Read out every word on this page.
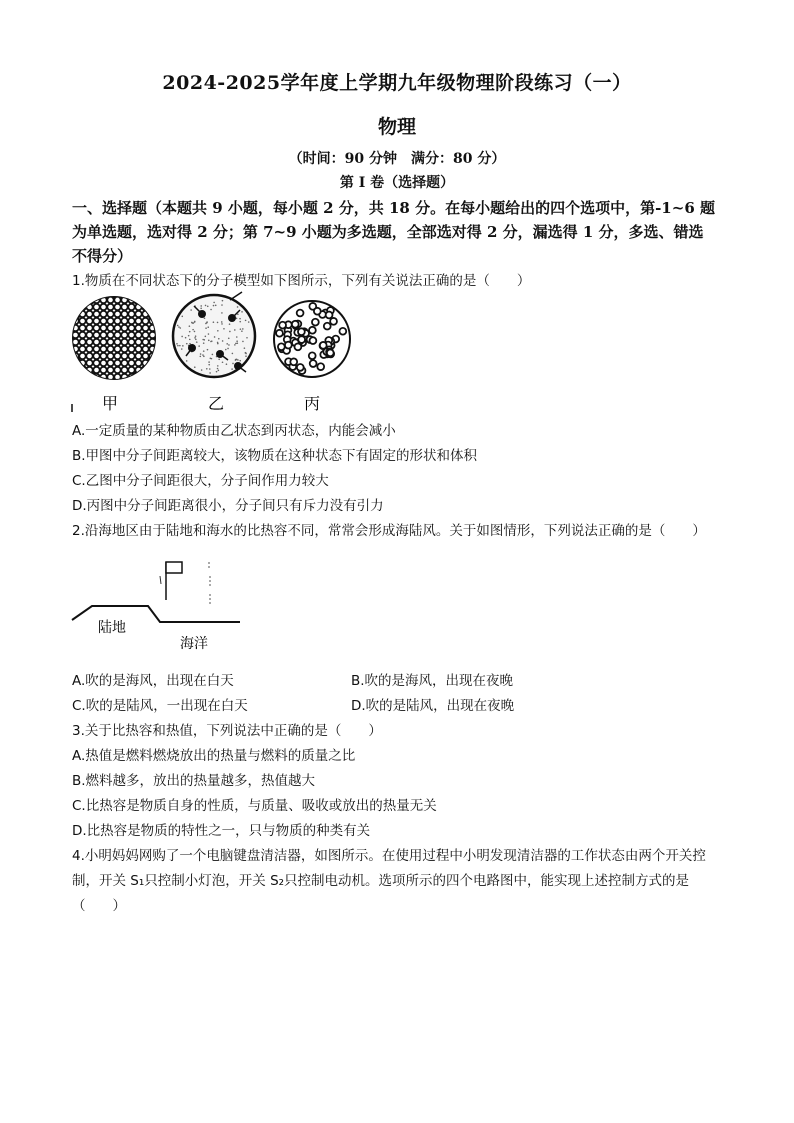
2024-2025学年度上学期九年级物理阶段练习（一）
物理
（时间：90 分钟　满分：80 分）
第 I 卷（选择题）
一、选择题（本题共 9 小题，每小题 2 分，共 18 分。在每小题给出的四个选项中，第-1~6 题
为单选题，选对得 2 分；第 7~9 小题为多选题，全部选对得 2 分，漏选得 1 分，多选、错选
不得分）
1.物质在不同状态下的分子模型如下图所示，下列有关说法正确的是（　　）
甲	乙	丙
A.一定质量的某种物质由乙状态到丙状态，内能会减小
B.甲图中分子间距离较大，该物质在这种状态下有固定的形状和体积
C.乙图中分子间距很大，分子间作用力较大
D.丙图中分子间距离很小，分子间只有斥力没有引力
2.沿海地区由于陆地和海水的比热容不同，常常会形成海陆风。关于如图情形，下列说法正确的是（　　）
陆地
海洋
A.吹的是海风，出现在白天	B.吹的是海风，出现在夜晚
C.吹的是陆风，一出现在白天	D.吹的是陆风，出现在夜晚
3.关于比热容和热值，下列说法中正确的是（　　）
A.热值是燃料燃烧放出的热量与燃料的质量之比
B.燃料越多，放出的热量越多，热值越大
C.比热容是物质自身的性质，与质量、吸收或放出的热量无关
D.比热容是物质的特性之一，只与物质的种类有关
4.小明妈妈网购了一个电脑键盘清洁器，如图所示。在使用过程中小明发现清洁器的工作状态由两个开关控
制，开关 S₁只控制小灯泡，开关 S₂只控制电动机。选项所示的四个电路图中，能实现上述控制方式的是
（　　）
